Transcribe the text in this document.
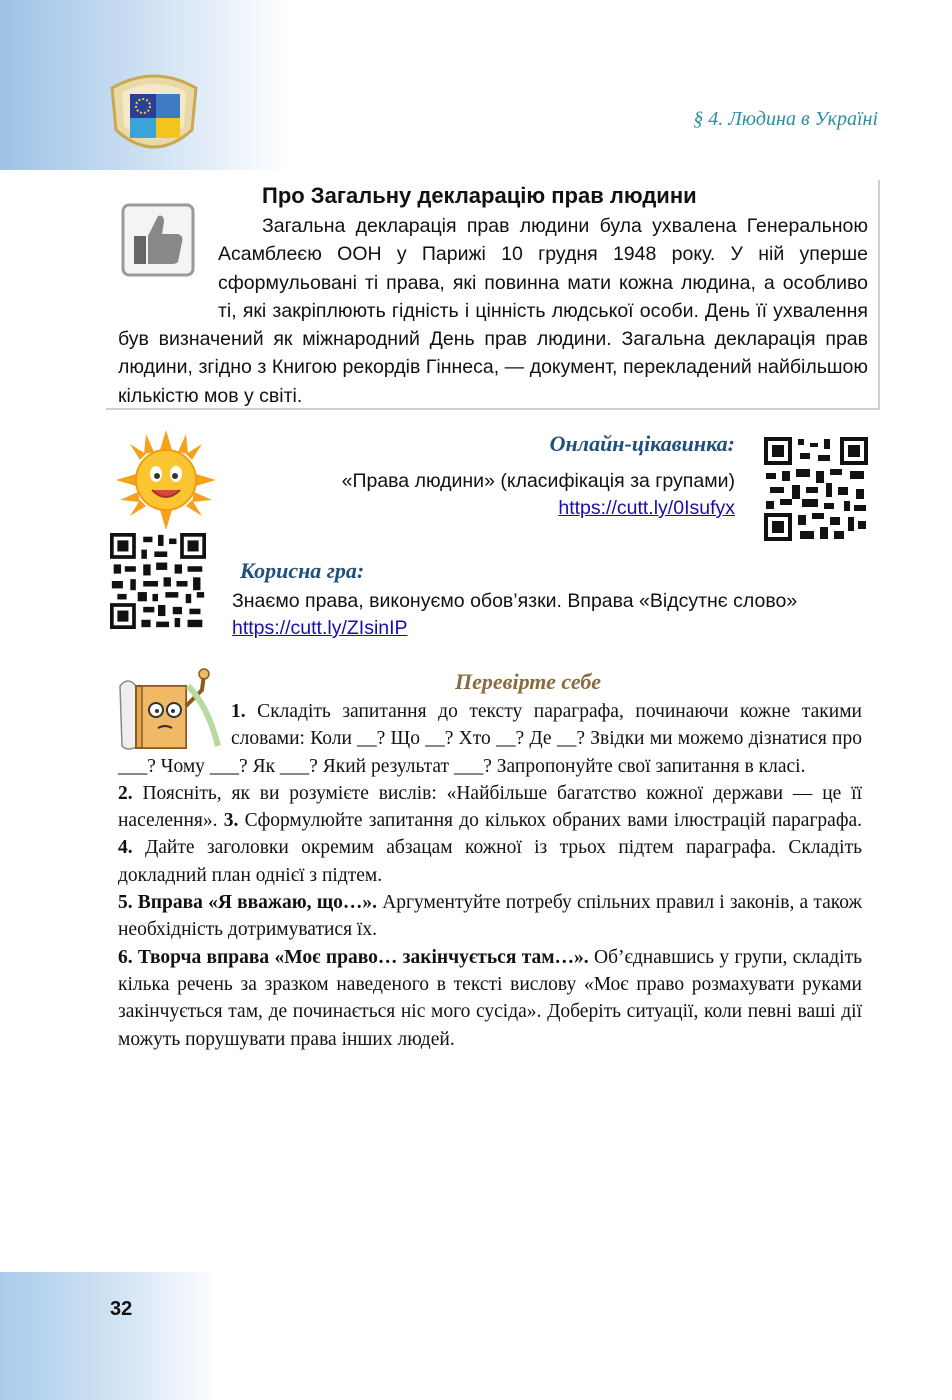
§ 4. Людина в Україні
Про Загальну декларацію прав людини
Загальна декларація прав людини була ухвалена Генеральною Асамблеєю ООН у Парижі 10 грудня 1948 року. У ній уперше сформульовані ті права, які повинна мати кожна людина, а особливо ті, які закріплюють гідність і цінність людської особи. День її ухвалення був визначений як міжнародний День прав людини. Загальна декларація прав людини, згідно з Книгою рекордів Гіннеса, — документ, перекладений найбільшою кількістю мов у світі.
Онлайн-цікавинка:
«Права людини» (класифікація за групами)
https://cutt.ly/0Isufyx
Корисна гра:
Знаємо права, виконуємо обов’язки. Вправа «Відсутнє слово» https://cutt.ly/ZIsinIP
Перевірте себе

1. Складіть запитання до тексту параграфа, починаючи кожне такими словами: Коли __? Що __? Хто __? Де __? Звідки ми можемо дізнатися про ___? Чому ___? Як ___? Який результат ___? Запропонуйте свої запитання в класі.

2. Поясніть, як ви розумієте вислів: «Найбільше багатство кожної держави — це її населення». 3. Сформулюйте запитання до кількох обраних вами ілюстрацій параграфа. 4. Дайте заголовки окремим абзацам кожної із трьох підтем параграфа. Складіть докладний план однієї з підтем.

5. Вправа «Я вважаю, що…». Аргументуйте потребу спільних правил і законів, а також необхідність дотримуватися їх.

6. Творча вправа «Моє право… закінчується там…». Об’єднавшись у групи, складіть кілька речень за зразком наведеного в тексті вислову «Моє право розмахувати руками закінчується там, де починається ніс мого сусіда». Доберіть ситуації, коли певні ваші дії можуть порушувати права інших людей.

32
